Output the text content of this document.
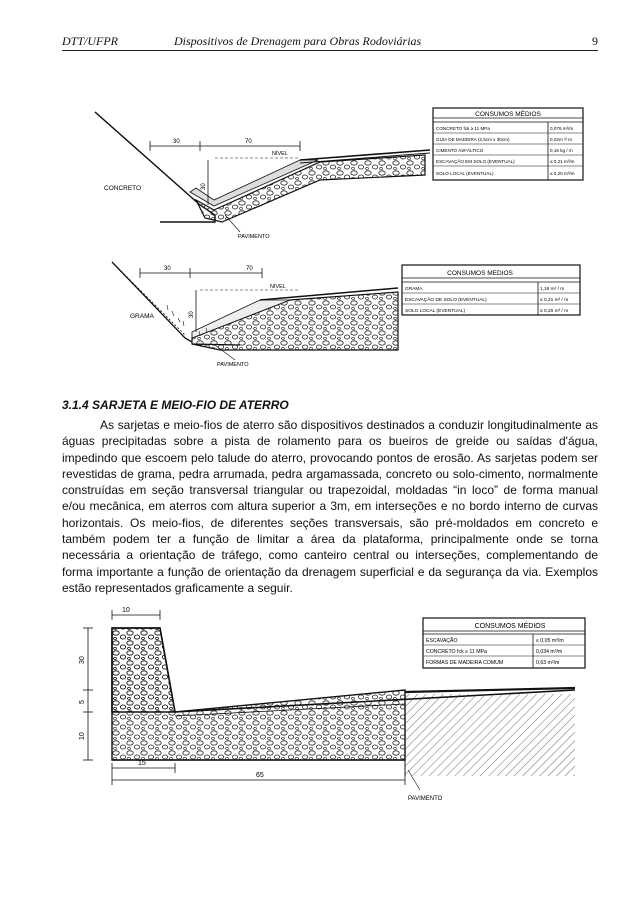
DTT/UFPR	Dispositivos de Drenagem para Obras Rodoviárias	9
30	70
30
NÍVEL
CONCRETO
PAVIMENTO
CONSUMOS MÉDIOS
CONCRETO fck ≥ 11 MPa	0,076 m³/m
GUIA DE MADEIRA (2,5cm x 30cm)	0,02m ³/ m
CIMENTO ASFÁLTICO	0,16 kg / m
ESCAVAÇÃO EM SOLO (EVENTUAL)	≤ 0,21 m³/m
SOLO LOCAL (EVENTUAL)	≤ 0,20 m³/m
30	70
30
NÍVEL
GRAMA
PAVIMENTO
CONSUMOS MEDIOS
GRAMA	1,16 m² / m
ESCAVAÇÃO DE SOLO (EVENTUAL)	≤ 0,21 m³ / m
SOLO LOCAL (EVENTUAL)	≤ 0,20 m³ / m
30
5
10
10
15
65
PAVIMENTO
CONSUMOS MÉDIOS
ESCAVAÇÃO	≤ 0,05 m³/m
CONCRETO fck ≥ 11 MPa	0,034 m³/m
FORMAS DE MADEIRA COMUM	0,63 m²/m
3.1.4 SARJETA E MEIO-FIO DE ATERRO
As sarjetas e meio-fios de aterro são dispositivos destinados a conduzir longitudinalmente as águas precipitadas sobre a pista de rolamento para os bueiros de greide ou saídas d'água, impedindo que escoem pelo talude do aterro, provocando pontos de erosão. As sarjetas podem ser revestidas de grama, pedra arrumada, pedra argamassada, concreto ou solo-cimento, normalmente construídas em seção transversal triangular ou trapezoidal, moldadas “in loco” de forma manual e/ou mecânica, em aterros com altura superior a 3m, em interseções e no bordo interno de curvas horizontais. Os meio-fios, de diferentes seções transversais, são pré-moldados em concreto e também podem ter a função de limitar a área da plataforma, principalmente onde se torna necessária a orientação de tráfego, como canteiro central ou interseções, complementando de forma importante a função de orientação da drenagem superficial e da segurança da via. Exemplos estão representados graficamente a seguir.
